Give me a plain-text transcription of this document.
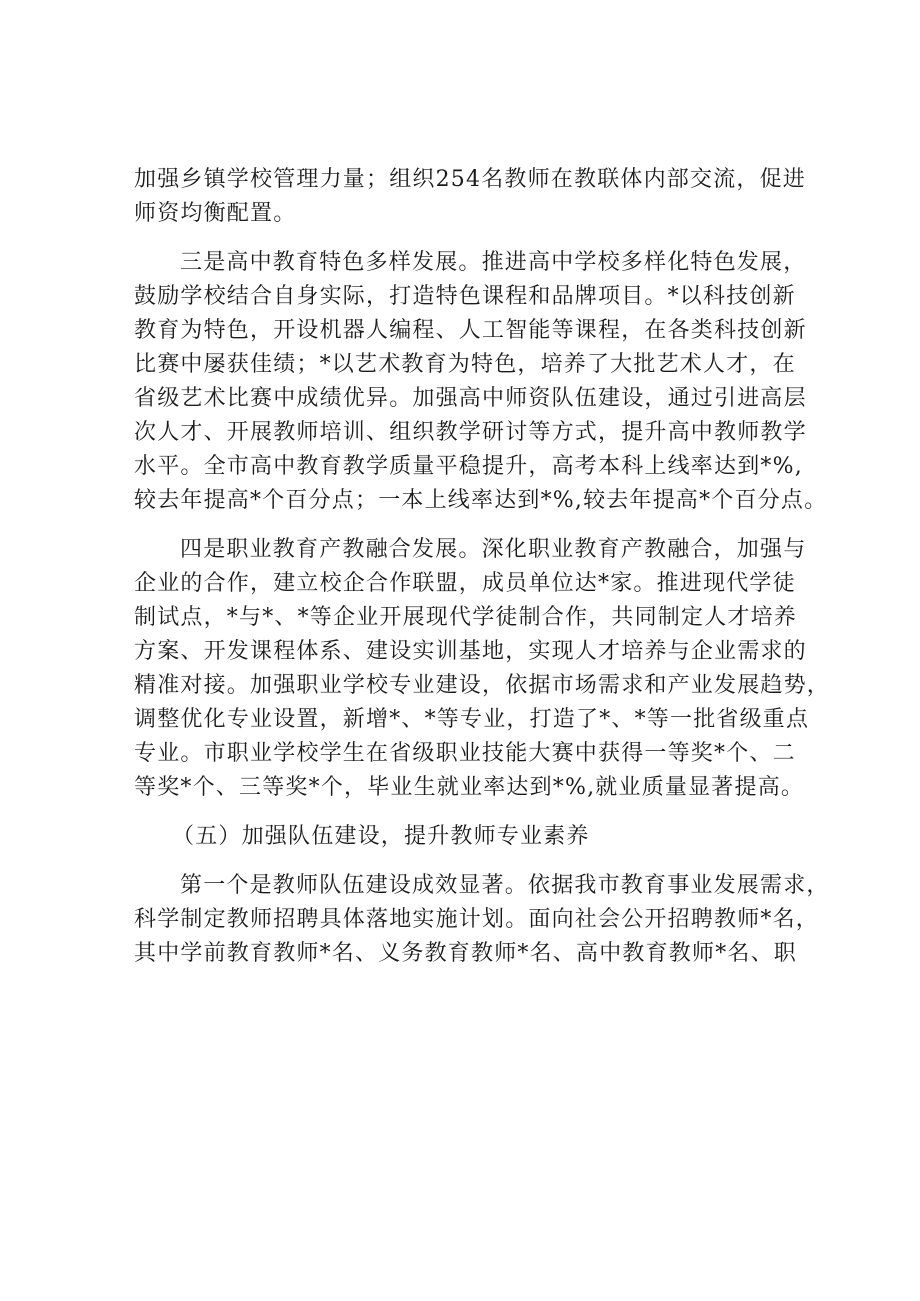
加强乡镇学校管理力量；组织254名教师在教联体内部交流，促进
师资均衡配置。
三是高中教育特色多样发展。推进高中学校多样化特色发展，
鼓励学校结合自身实际，打造特色课程和品牌项目。*以科技创新
教育为特色，开设机器人编程、人工智能等课程，在各类科技创新
比赛中屡获佳绩；*以艺术教育为特色，培养了大批艺术人才，在
省级艺术比赛中成绩优异。加强高中师资队伍建设，通过引进高层
次人才、开展教师培训、组织教学研讨等方式，提升高中教师教学
水平。全市高中教育教学质量平稳提升，高考本科上线率达到*%,
较去年提高*个百分点；一本上线率达到*%,较去年提高*个百分点。
四是职业教育产教融合发展。深化职业教育产教融合，加强与
企业的合作，建立校企合作联盟，成员单位达*家。推进现代学徒
制试点，*与*、*等企业开展现代学徒制合作，共同制定人才培养
方案、开发课程体系、建设实训基地，实现人才培养与企业需求的
精准对接。加强职业学校专业建设，依据市场需求和产业发展趋势，
调整优化专业设置，新增*、*等专业，打造了*、*等一批省级重点
专业。市职业学校学生在省级职业技能大赛中获得一等奖*个、二
等奖*个、三等奖*个，毕业生就业率达到*%,就业质量显著提高。
（五）加强队伍建设，提升教师专业素养
第一个是教师队伍建设成效显著。依据我市教育事业发展需求，
科学制定教师招聘具体落地实施计划。面向社会公开招聘教师*名，
其中学前教育教师*名、义务教育教师*名、高中教育教师*名、职
